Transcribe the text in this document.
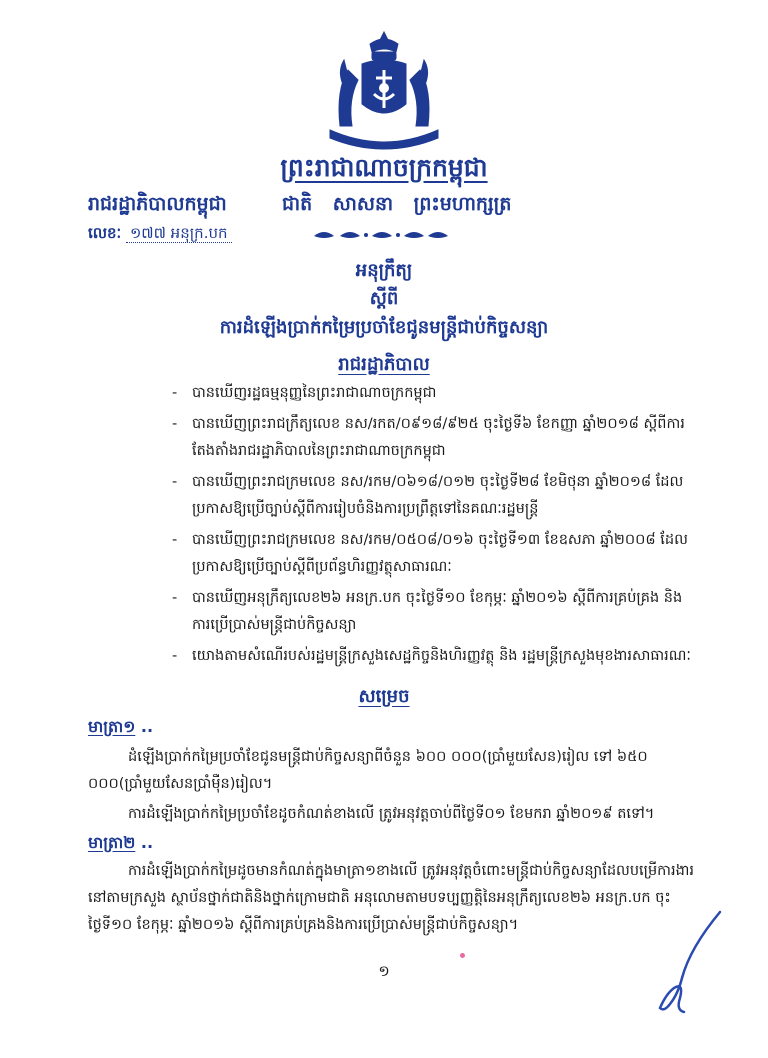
ព្រះរាជាណាចក្រកម្ពុជា
រាជរដ្ឋាភិបាលកម្ពុជា	ជាតិ សាសនា ព្រះមហាក្សត្រ
លេខៈ ១៧៧ អនុក្រ.បក
អនុក្រឹត្យ
ស្តីពី
ការដំឡើងប្រាក់កម្រៃប្រចាំខែជូនមន្ត្រីជាប់កិច្ចសន្យា
រាជរដ្ឋាភិបាល
- បានឃើញរដ្ឋធម្មនុញ្ញនៃព្រះរាជាណាចក្រកម្ពុជា
- បានឃើញព្រះរាជក្រឹត្យលេខ នស/រកត/០៩១៨/៩២៥ ចុះថ្ងៃទី៦ ខែកញ្ញា ឆ្នាំ២០១៨ ស្តីពីការតែងតាំងរាជរដ្ឋាភិបាលនៃព្រះរាជាណាចក្រកម្ពុជា
- បានឃើញព្រះរាជក្រមលេខ នស/រកម/០៦១៨/០១២ ចុះថ្ងៃទី២៨ ខែមិថុនា ឆ្នាំ២០១៨ ដែលប្រកាសឱ្យប្រើច្បាប់ស្តីពីការរៀបចំនិងការប្រព្រឹត្តទៅនៃគណៈរដ្ឋមន្ត្រី
- បានឃើញព្រះរាជក្រមលេខ នស/រកម/០៥០៨/០១៦ ចុះថ្ងៃទី១៣ ខែឧសភា ឆ្នាំ២០០៨ ដែលប្រកាសឱ្យប្រើច្បាប់ស្តីពីប្រព័ន្ធហិរញ្ញវត្ថុសាធារណៈ
- បានឃើញអនុក្រឹត្យលេខ២៦ អនក្រ.បក ចុះថ្ងៃទី១០ ខែកុម្ភៈ ឆ្នាំ២០១៦ ស្តីពីការគ្រប់គ្រង និងការប្រើប្រាស់មន្ត្រីជាប់កិច្ចសន្យា
- យោងតាមសំណើរបស់រដ្ឋមន្ត្រីក្រសួងសេដ្ឋកិច្ចនិងហិរញ្ញវត្ថុ និង រដ្ឋមន្ត្រីក្រសួងមុខងារសាធារណៈ
សម្រេច
មាត្រា១ ..
ដំឡើងប្រាក់កម្រៃប្រចាំខែជូនមន្ត្រីជាប់កិច្ចសន្យាពីចំនួន ៦០០ ០០០(ប្រាំមួយសែន)រៀល ទៅ ៦៥០ ០០០(ប្រាំមួយសែនប្រាំម៉ឺន)រៀល។
ការដំឡើងប្រាក់កម្រៃប្រចាំខែដូចកំណត់ខាងលើ ត្រូវអនុវត្តចាប់ពីថ្ងៃទី០១ ខែមករា ឆ្នាំ២០១៩ តទៅ។
មាត្រា២ ..
ការដំឡើងប្រាក់កម្រៃដូចមានកំណត់ក្នុងមាត្រា១ខាងលើ ត្រូវអនុវត្តចំពោះមន្ត្រីជាប់កិច្ចសន្យាដែលបម្រើការងារនៅតាមក្រសួង ស្ថាប័នថ្នាក់ជាតិនិងថ្នាក់ក្រោមជាតិ អនុលោមតាមបទប្បញ្ញត្តិនៃអនុក្រឹត្យលេខ២៦ អនក្រ.បក ចុះថ្ងៃទី១០ ខែកុម្ភៈ ឆ្នាំ២០១៦ ស្តីពីការគ្រប់គ្រងនិងការប្រើប្រាស់មន្ត្រីជាប់កិច្ចសន្យា។
១
